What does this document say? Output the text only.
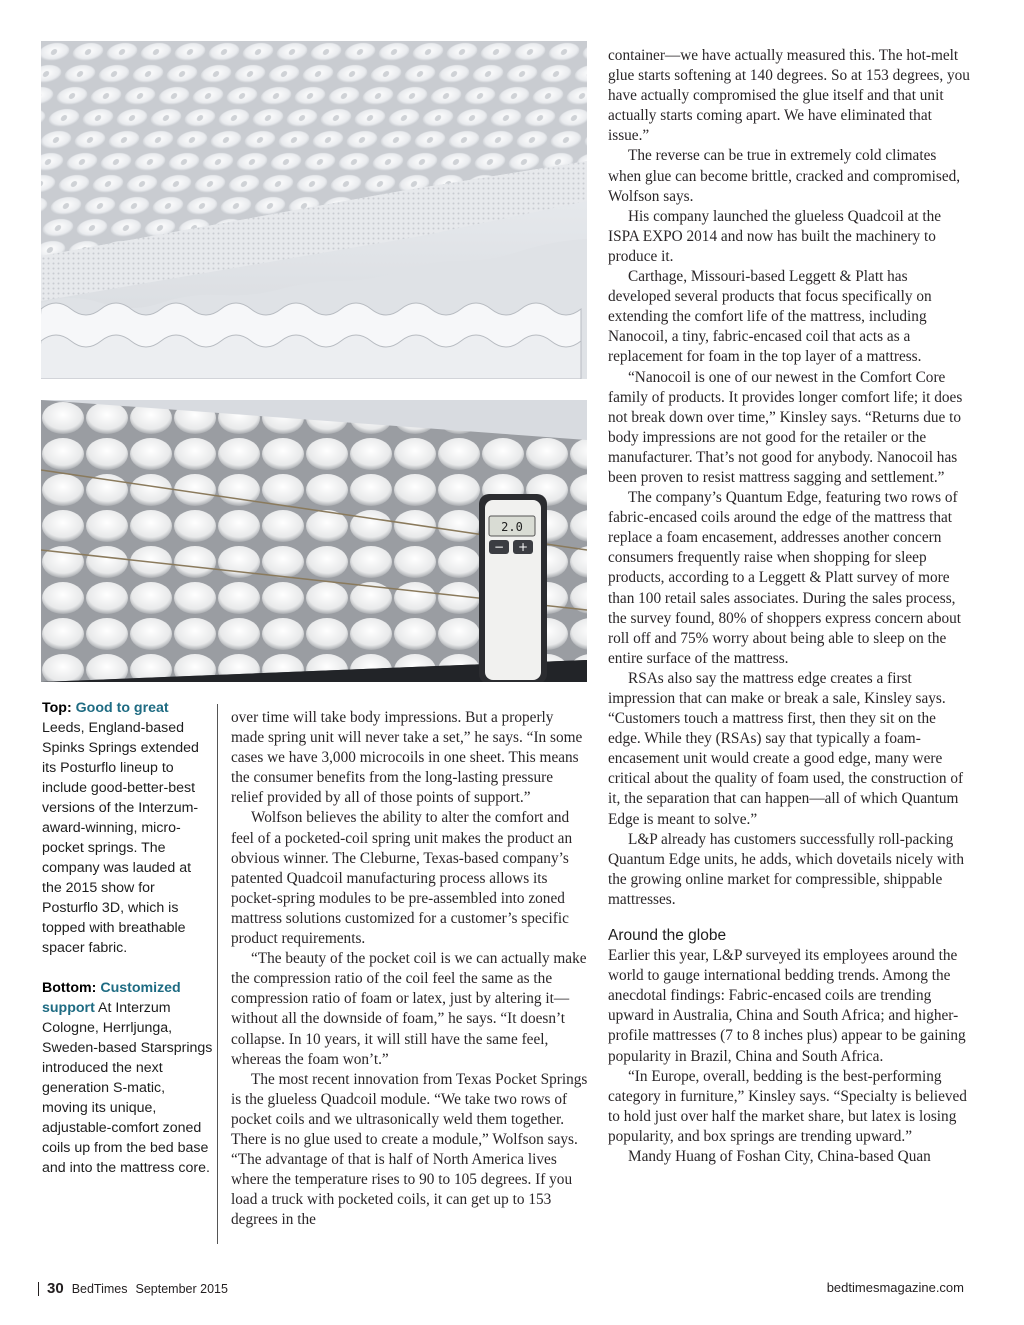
2.0
− +

Top: Good to great Leeds, England-based Spinks Springs extended its Posturflo lineup to include good-better-best versions of the Interzum-award-winning, micro-pocket springs. The company was lauded at the 2015 show for Posturflo 3D, which is topped with breathable spacer fabric.

Bottom: Customized support At Interzum Cologne, Herrljunga, Sweden-based Starsprings introduced the next generation S-matic, moving its unique, adjustable-comfort zoned coils up from the bed base and into the mattress core.

over time will take body impressions. But a properly made spring unit will never take a set,” he says. “In some cases we have 3,000 microcoils in one sheet. This means the consumer benefits from the long-lasting pressure relief provided by all of those points of support.”

Wolfson believes the ability to alter the comfort and feel of a pocketed-coil spring unit makes the product an obvious winner. The Cleburne, Texas-based company’s patented Quadcoil manufacturing process allows its pocket-spring modules to be pre-assembled into zoned mattress solutions customized for a customer’s specific product requirements.

“The beauty of the pocket coil is we can actually make the compression ratio of the coil feel the same as the compression ratio of foam or latex, just by altering it—without all the downside of foam,” he says. “It doesn’t collapse. In 10 years, it will still have the same feel, whereas the foam won’t.”

The most recent innovation from Texas Pocket Springs is the glueless Quadcoil module. “We take two rows of pocket coils and we ultrasonically weld them together. There is no glue used to create a module,” Wolfson says. “The advantage of that is half of North America lives where the temperature rises to 90 to 105 degrees. If you load a truck with pocketed coils, it can get up to 153 degrees in the

container—we have actually measured this. The hot-melt glue starts softening at 140 degrees. So at 153 degrees, you have actually compromised the glue itself and that unit actually starts coming apart. We have eliminated that issue.”

The reverse can be true in extremely cold climates when glue can become brittle, cracked and compromised, Wolfson says.

His company launched the glueless Quadcoil at the ISPA EXPO 2014 and now has built the machinery to produce it.

Carthage, Missouri-based Leggett & Platt has developed several products that focus specifically on extending the comfort life of the mattress, including Nanocoil, a tiny, fabric-encased coil that acts as a replacement for foam in the top layer of a mattress.

“Nanocoil is one of our newest in the Comfort Core family of products. It provides longer comfort life; it does not break down over time,” Kinsley says. “Returns due to body impressions are not good for the retailer or the manufacturer. That’s not good for anybody. Nanocoil has been proven to resist mattress sagging and settlement.”

The company’s Quantum Edge, featuring two rows of fabric-encased coils around the edge of the mattress that replace a foam encasement, addresses another concern consumers frequently raise when shopping for sleep products, according to a Leggett & Platt survey of more than 100 retail sales associates. During the sales process, the survey found, 80% of shoppers express concern about roll off and 75% worry about being able to sleep on the entire surface of the mattress.

RSAs also say the mattress edge creates a first impression that can make or break a sale, Kinsley says. “Customers touch a mattress first, then they sit on the edge. While they (RSAs) say that typically a foam-encasement unit would create a good edge, many were critical about the quality of foam used, the construction of it, the separation that can happen—all of which Quantum Edge is meant to solve.”

L&P already has customers successfully roll-packing Quantum Edge units, he adds, which dovetails nicely with the growing online market for compressible, shippable mattresses.

Around the globe

Earlier this year, L&P surveyed its employees around the world to gauge international bedding trends. Among the anecdotal findings: Fabric-encased coils are trending upward in Australia, China and South Africa; and higher-profile mattresses (7 to 8 inches plus) appear to be gaining popularity in Brazil, China and South Africa.

“In Europe, overall, bedding is the best-performing category in furniture,” Kinsley says. “Specialty is believed to hold just over half the market share, but latex is losing popularity, and box springs are trending upward.”

Mandy Huang of Foshan City, China-based Quan

30 BedTimes September 2015	bedtimesmagazine.com
